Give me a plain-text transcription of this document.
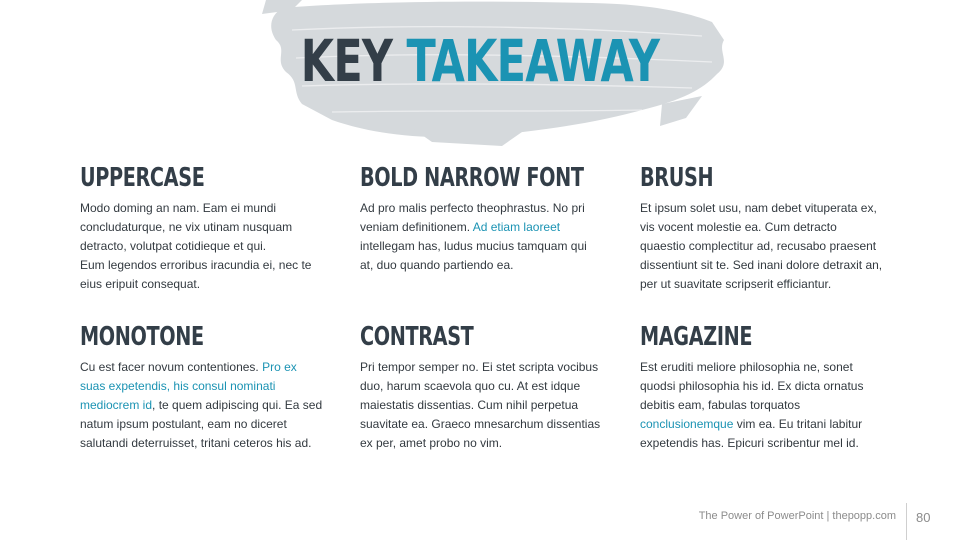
KEY TAKEAWAY
UPPERCASE
Modo doming an nam. Eam ei mundi
concludaturque, ne vix utinam nusquam
detracto, volutpat cotidieque et qui.
Eum legendos erroribus iracundia ei, nec te
eius eripuit consequat.
BOLD NARROW FONT
Ad pro malis perfecto theophrastus. No pri
veniam definitionem. Ad etiam laoreet
intellegam has, ludus mucius tamquam qui
at, duo quando partiendo ea.
BRUSH
Et ipsum solet usu, nam debet vituperata ex,
vis vocent molestie ea. Cum detracto
quaestio complectitur ad, recusabo praesent
dissentiunt sit te. Sed inani dolore detraxit an,
per ut suavitate scripserit efficiantur.
MONOTONE
Cu est facer novum contentiones. Pro ex
suas expetendis, his consul nominati
mediocrem id, te quem adipiscing qui. Ea sed
natum ipsum postulant, eam no diceret
salutandi deterruisset, tritani ceteros his ad.
CONTRAST
Pri tempor semper no. Ei stet scripta vocibus
duo, harum scaevola quo cu. At est idque
maiestatis dissentias. Cum nihil perpetua
suavitate ea. Graeco mnesarchum dissentias
ex per, amet probo no vim.
MAGAZINE
Est eruditi meliore philosophia ne, sonet
quodsi philosophia his id. Ex dicta ornatus
debitis eam, fabulas torquatos
conclusionemque vim ea. Eu tritani labitur
expetendis has. Epicuri scribentur mel id.
The Power of PowerPoint | thepopp.com 80
